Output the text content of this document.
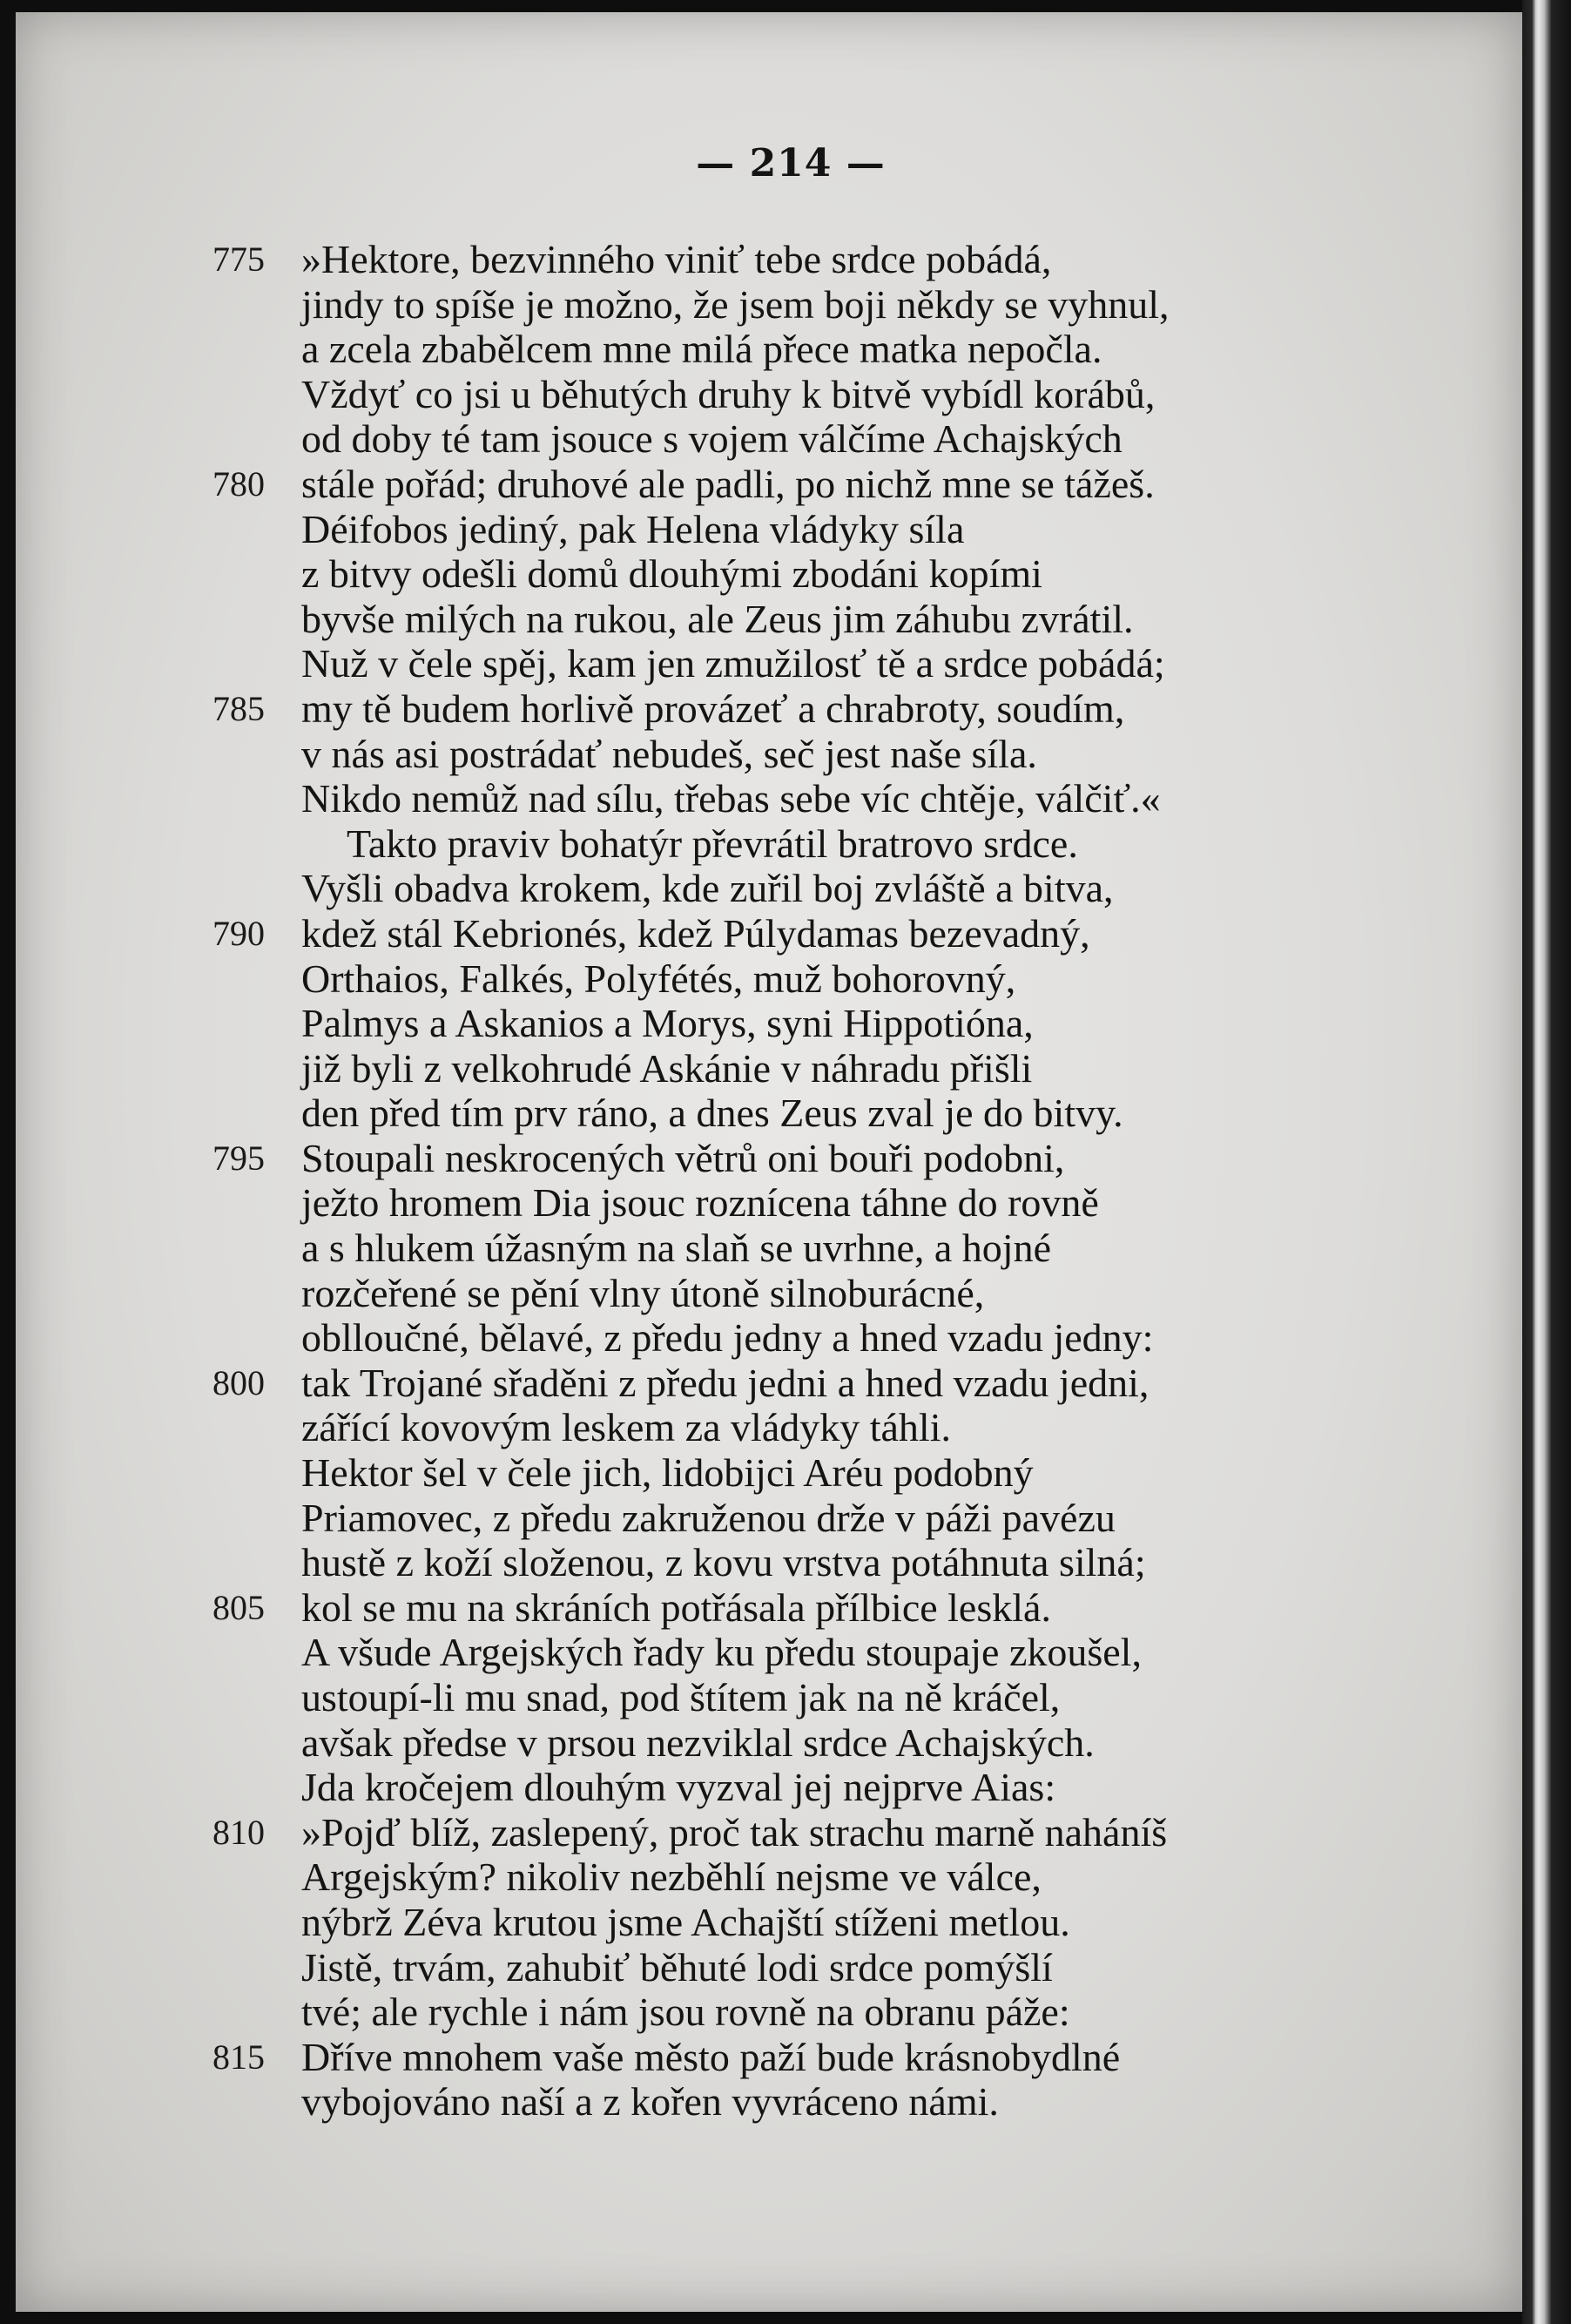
— 214 —
775 »Hektore, bezvinného viniť tebe srdce pobádá,
jindy to spíše je možno, že jsem boji někdy se vyhnul,
a zcela zbabělcem mne milá přece matka nepočla.
Vždyť co jsi u běhutých druhy k bitvě vybídl korábů,
od doby té tam jsouce s vojem válčíme Achajských
780 stále pořád; druhové ale padli, po nichž mne se tážeš.
Déifobos jediný, pak Helena vládyky síla
z bitvy odešli domů dlouhými zbodáni kopími
byvše milých na rukou, ale Zeus jim záhubu zvrátil.
Nuž v čele spěj, kam jen zmužilosť tě a srdce pobádá;
785 my tě budem horlivě provázeť a chrabroty, soudím,
v nás asi postrádať nebudeš, seč jest naše síla.
Nikdo nemůž nad sílu, třebas sebe víc chtěje, válčiť.«
Takto praviv bohatýr převrátil bratrovo srdce.
Vyšli obadva krokem, kde zuřil boj zvláště a bitva,
790 kdež stál Kebrionés, kdež Púlydamas bezevadný,
Orthaios, Falkés, Polyfétés, muž bohorovný,
Palmys a Askanios a Morys, syni Hippotióna,
již byli z velkohrudé Askánie v náhradu přišli
den před tím prv ráno, a dnes Zeus zval je do bitvy.
795 Stoupali neskrocených větrů oni bouři podobni,
ježto hromem Dia jsouc roznícena táhne do rovně
a s hlukem úžasným na slaň se uvrhne, a hojné
rozčeřené se pění vlny útoně silnoburácné,
oblloučné, bělavé, z předu jedny a hned vzadu jedny:
800 tak Trojané sřaděni z předu jedni a hned vzadu jedni,
zářící kovovým leskem za vládyky táhli.
Hektor šel v čele jich, lidobijci Aréu podobný
Priamovec, z předu zakruženou drže v páži pavézu
hustě z koží složenou, z kovu vrstva potáhnuta silná;
805 kol se mu na skráních potřásala přílbice lesklá.
A všude Argejských řady ku předu stoupaje zkoušel,
ustoupí-li mu snad, pod štítem jak na ně kráčel,
avšak předse v prsou nezviklal srdce Achajských.
Jda kročejem dlouhým vyzval jej nejprve Aias:
810 »Pojď blíž, zaslepený, proč tak strachu marně naháníš
Argejským? nikoliv nezběhlí nejsme ve válce,
nýbrž Zéva krutou jsme Achajští stíženi metlou.
Jistě, trvám, zahubiť běhuté lodi srdce pomýšlí
tvé; ale rychle i nám jsou rovně na obranu páže:
815 Dříve mnohem vaše město paží bude krásnobydlné
vybojováno naší a z kořen vyvráceno námi.
